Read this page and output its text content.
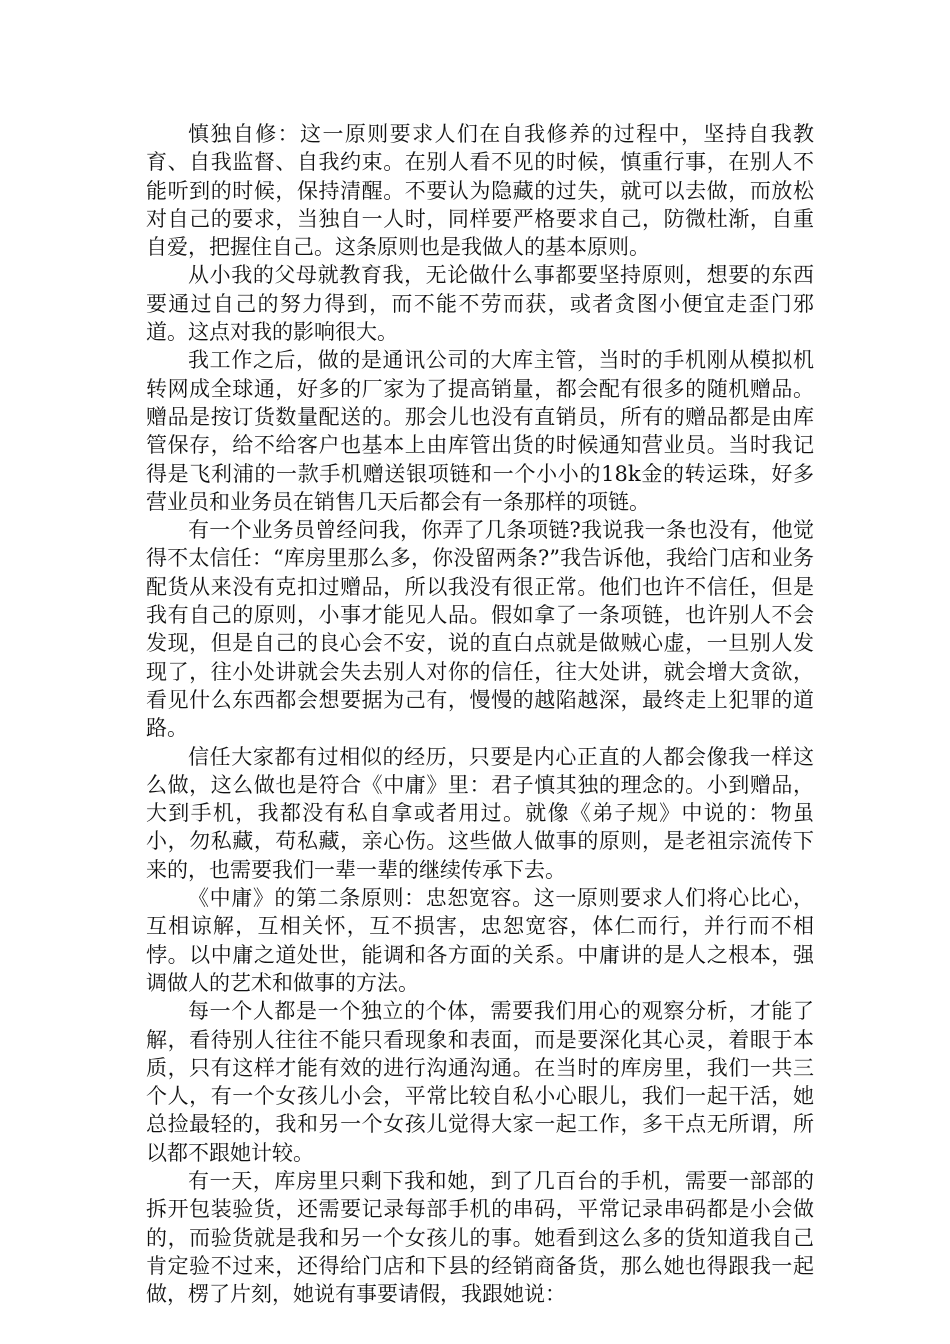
慎独自修：这一原则要求人们在自我修养的过程中，坚持自我教育、自我监督、自我约束。在别人看不见的时候，慎重行事，在别人不能听到的时候，保持清醒。不要认为隐藏的过失，就可以去做，而放松对自己的要求，当独自一人时，同样要严格要求自己，防微杜渐，自重自爱，把握住自己。这条原则也是我做人的基本原则。

从小我的父母就教育我，无论做什么事都要坚持原则，想要的东西要通过自己的努力得到，而不能不劳而获，或者贪图小便宜走歪门邪道。这点对我的影响很大。

我工作之后，做的是通讯公司的大库主管，当时的手机刚从模拟机转网成全球通，好多的厂家为了提高销量，都会配有很多的随机赠品。赠品是按订货数量配送的。那会儿也没有直销员，所有的赠品都是由库管保存，给不给客户也基本上由库管出货的时候通知营业员。当时我记得是飞利浦的一款手机赠送银项链和一个小小的18k金的转运珠，好多营业员和业务员在销售几天后都会有一条那样的项链。

有一个业务员曾经问我，你弄了几条项链?我说我一条也没有，他觉得不太信任：“库房里那么多，你没留两条?”我告诉他，我给门店和业务配货从来没有克扣过赠品，所以我没有很正常。他们也许不信任，但是我有自己的原则，小事才能见人品。假如拿了一条项链，也许别人不会发现，但是自己的良心会不安，说的直白点就是做贼心虚，一旦别人发现了，往小处讲就会失去别人对你的信任，往大处讲，就会增大贪欲，看见什么东西都会想要据为己有，慢慢的越陷越深，最终走上犯罪的道路。

信任大家都有过相似的经历，只要是内心正直的人都会像我一样这么做，这么做也是符合《中庸》里：君子慎其独的理念的。小到赠品，大到手机，我都没有私自拿或者用过。就像《弟子规》中说的：物虽小，勿私藏，苟私藏，亲心伤。这些做人做事的原则，是老祖宗流传下来的，也需要我们一辈一辈的继续传承下去。

《中庸》的第二条原则：忠恕宽容。这一原则要求人们将心比心，互相谅解，互相关怀，互不损害，忠恕宽容，体仁而行，并行而不相悖。以中庸之道处世，能调和各方面的关系。中庸讲的是人之根本，强调做人的艺术和做事的方法。

每一个人都是一个独立的个体，需要我们用心的观察分析，才能了解，看待别人往往不能只看现象和表面，而是要深化其心灵，着眼于本质，只有这样才能有效的进行沟通沟通。在当时的库房里，我们一共三个人，有一个女孩儿小会，平常比较自私小心眼儿，我们一起干活，她总捡最轻的，我和另一个女孩儿觉得大家一起工作，多干点无所谓，所以都不跟她计较。

有一天，库房里只剩下我和她，到了几百台的手机，需要一部部的拆开包装验货，还需要记录每部手机的串码，平常记录串码都是小会做的，而验货就是我和另一个女孩儿的事。她看到这么多的货知道我自己肯定验不过来，还得给门店和下县的经销商备货，那么她也得跟我一起做，楞了片刻，她说有事要请假，我跟她说：
